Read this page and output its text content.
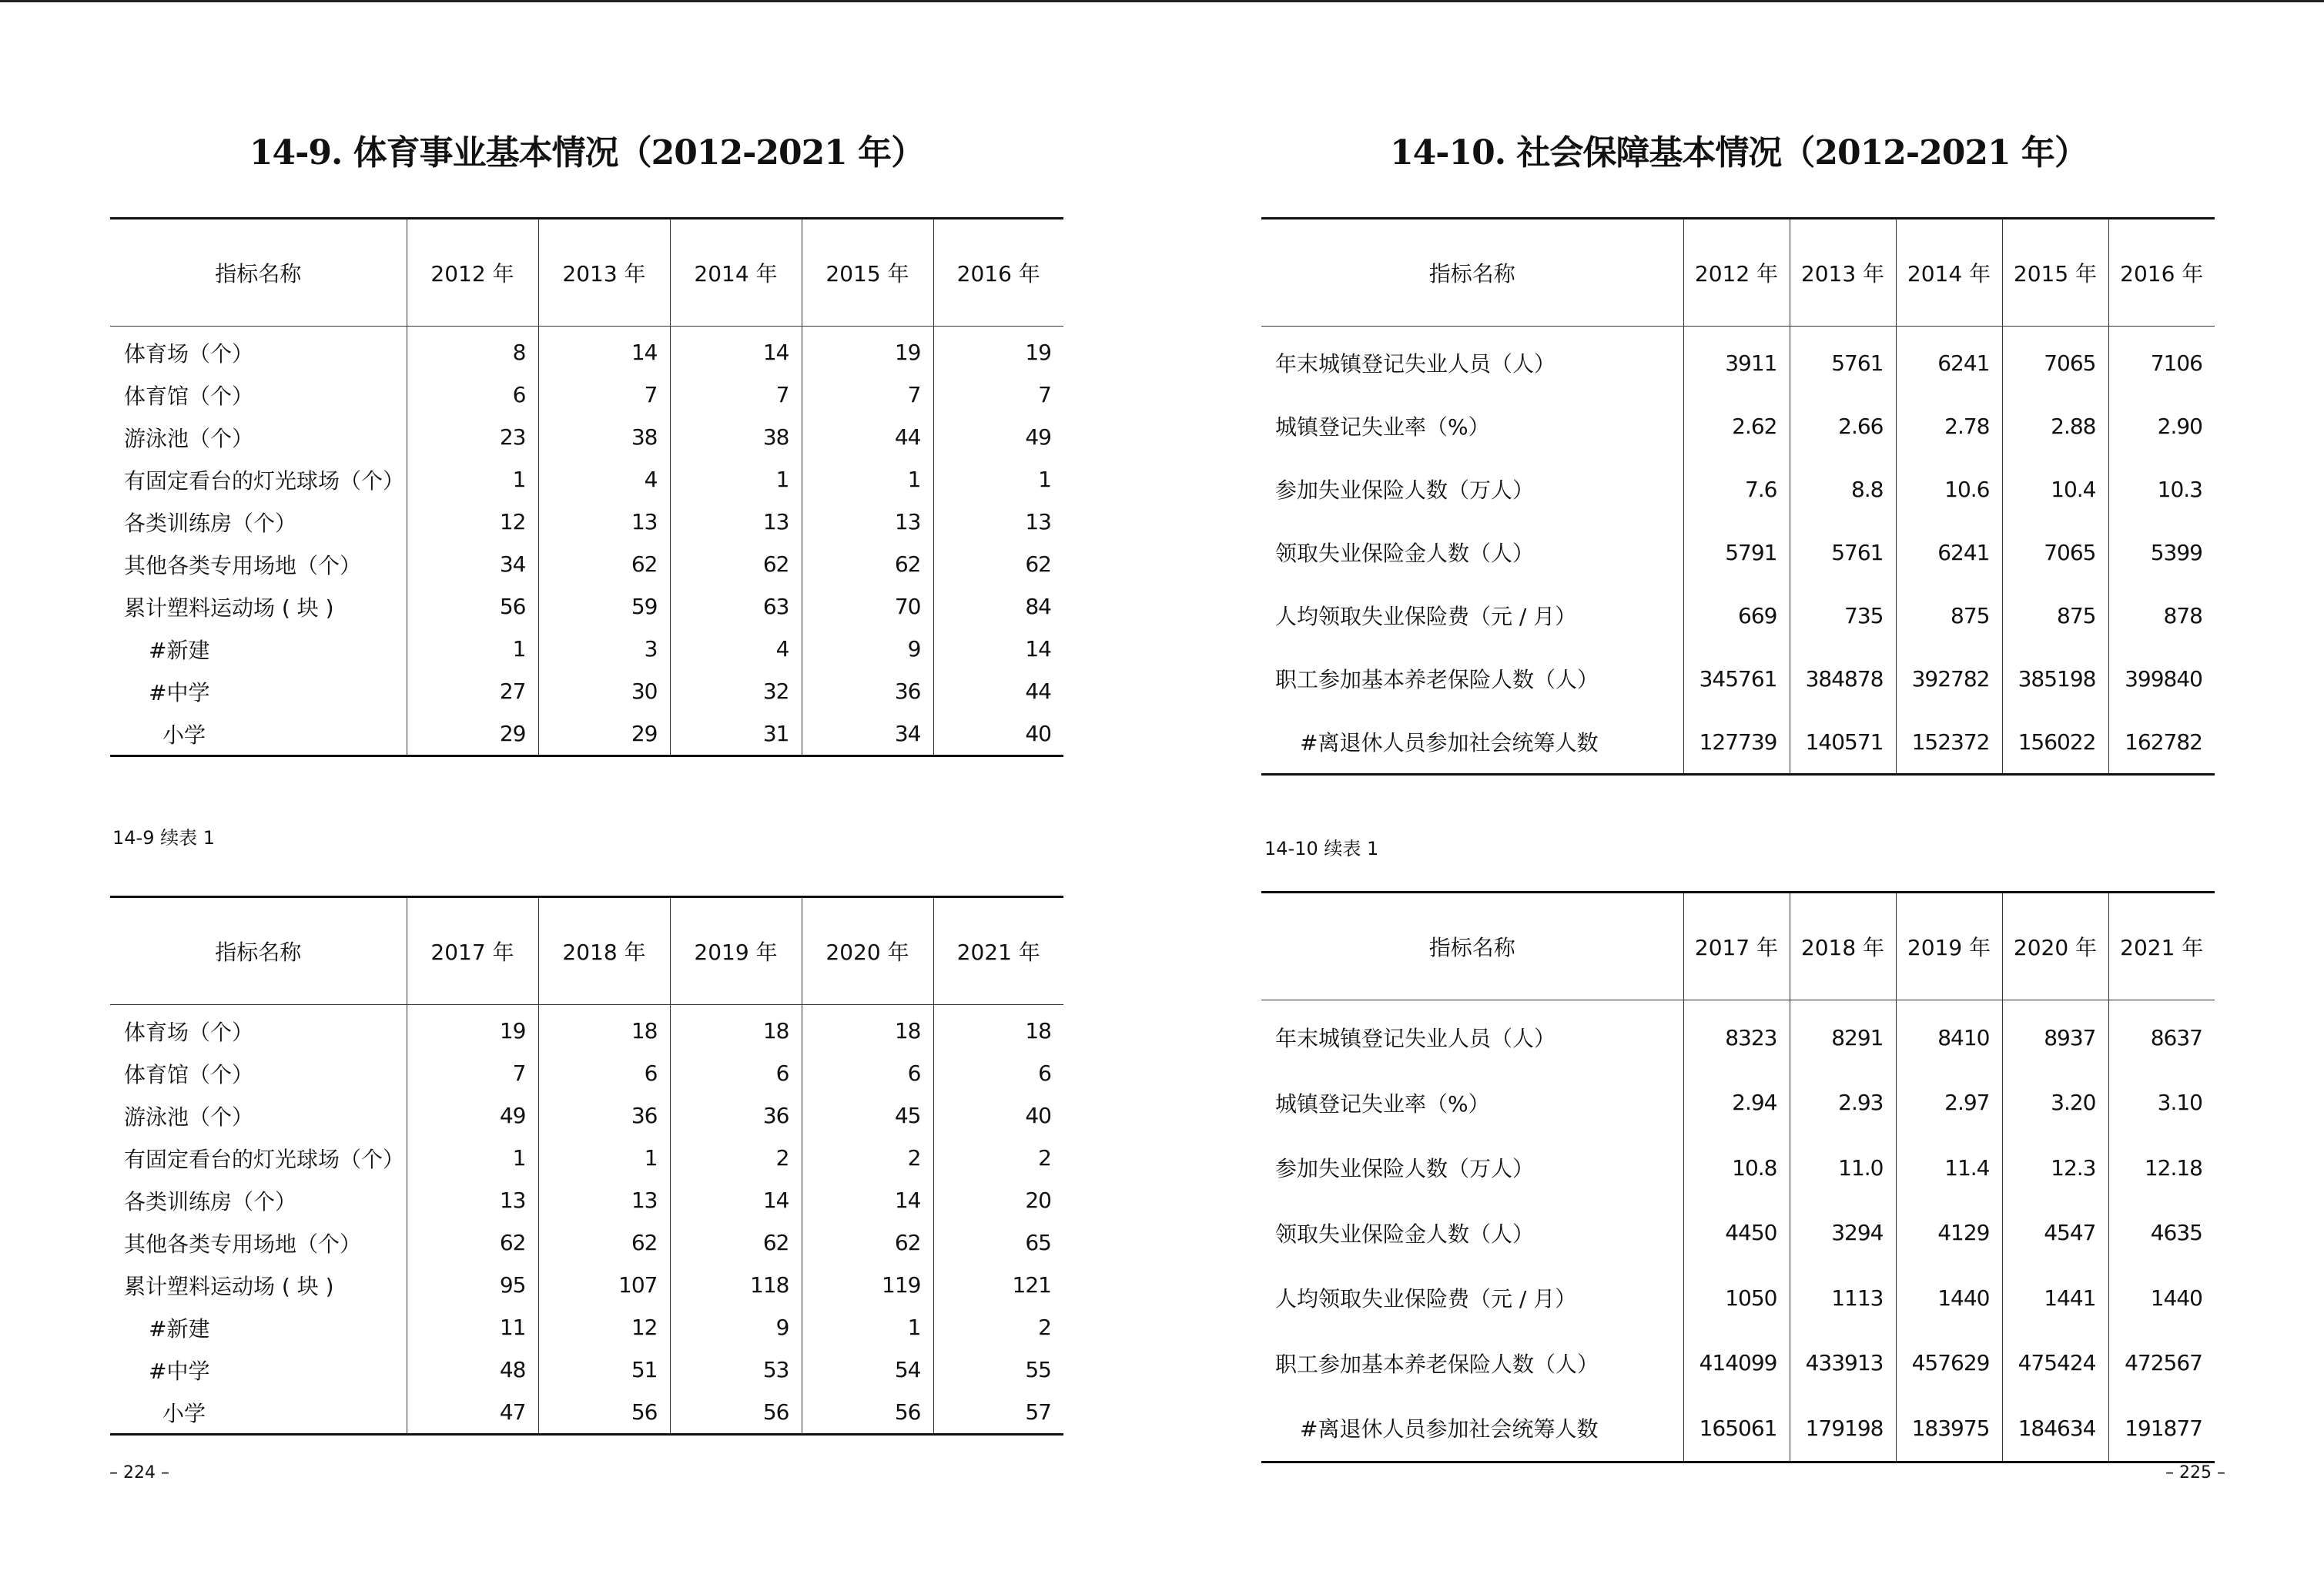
14-9. 体育事业基本情况（2012-2021 年）	14-10. 社会保障基本情况（2012-2021 年）
指标名称	2012 年	2013 年	2014 年	2015 年	2016 年
体育场（个）	8	14	14	19	19
体育馆（个）	6	7	7	7	7
游泳池（个）	23	38	38	44	49
有固定看台的灯光球场（个）	1	4	1	1	1
各类训练房（个）	12	13	13	13	13
其他各类专用场地（个）	34	62	62	62	62
累计塑料运动场 ( 块 )	56	59	63	70	84
#新建	1	3	4	9	14
#中学	27	30	32	36	44
小学	29	29	31	34	40
14-9 续表 1
指标名称	2017 年	2018 年	2019 年	2020 年	2021 年
体育场（个）	19	18	18	18	18
体育馆（个）	7	6	6	6	6
游泳池（个）	49	36	36	45	40
有固定看台的灯光球场（个）	1	1	2	2	2
各类训练房（个）	13	13	14	14	20
其他各类专用场地（个）	62	62	62	62	65
累计塑料运动场 ( 块 )	95	107	118	119	121
#新建	11	12	9	1	2
#中学	48	51	53	54	55
小学	47	56	56	56	57
– 224 –
指标名称	2012 年	2013 年	2014 年	2015 年	2016 年
年末城镇登记失业人员（人）	3911	5761	6241	7065	7106
城镇登记失业率（%）	2.62	2.66	2.78	2.88	2.90
参加失业保险人数（万人）	7.6	8.8	10.6	10.4	10.3
领取失业保险金人数（人）	5791	5761	6241	7065	5399
人均领取失业保险费（元 / 月）	669	735	875	875	878
职工参加基本养老保险人数（人）	345761	384878	392782	385198	399840
#离退休人员参加社会统筹人数	127739	140571	152372	156022	162782
14-10 续表 1
指标名称	2017 年	2018 年	2019 年	2020 年	2021 年
年末城镇登记失业人员（人）	8323	8291	8410	8937	8637
城镇登记失业率（%）	2.94	2.93	2.97	3.20	3.10
参加失业保险人数（万人）	10.8	11.0	11.4	12.3	12.18
领取失业保险金人数（人）	4450	3294	4129	4547	4635
人均领取失业保险费（元 / 月）	1050	1113	1440	1441	1440
职工参加基本养老保险人数（人）	414099	433913	457629	475424	472567
#离退休人员参加社会统筹人数	165061	179198	183975	184634	191877
– 225 –
